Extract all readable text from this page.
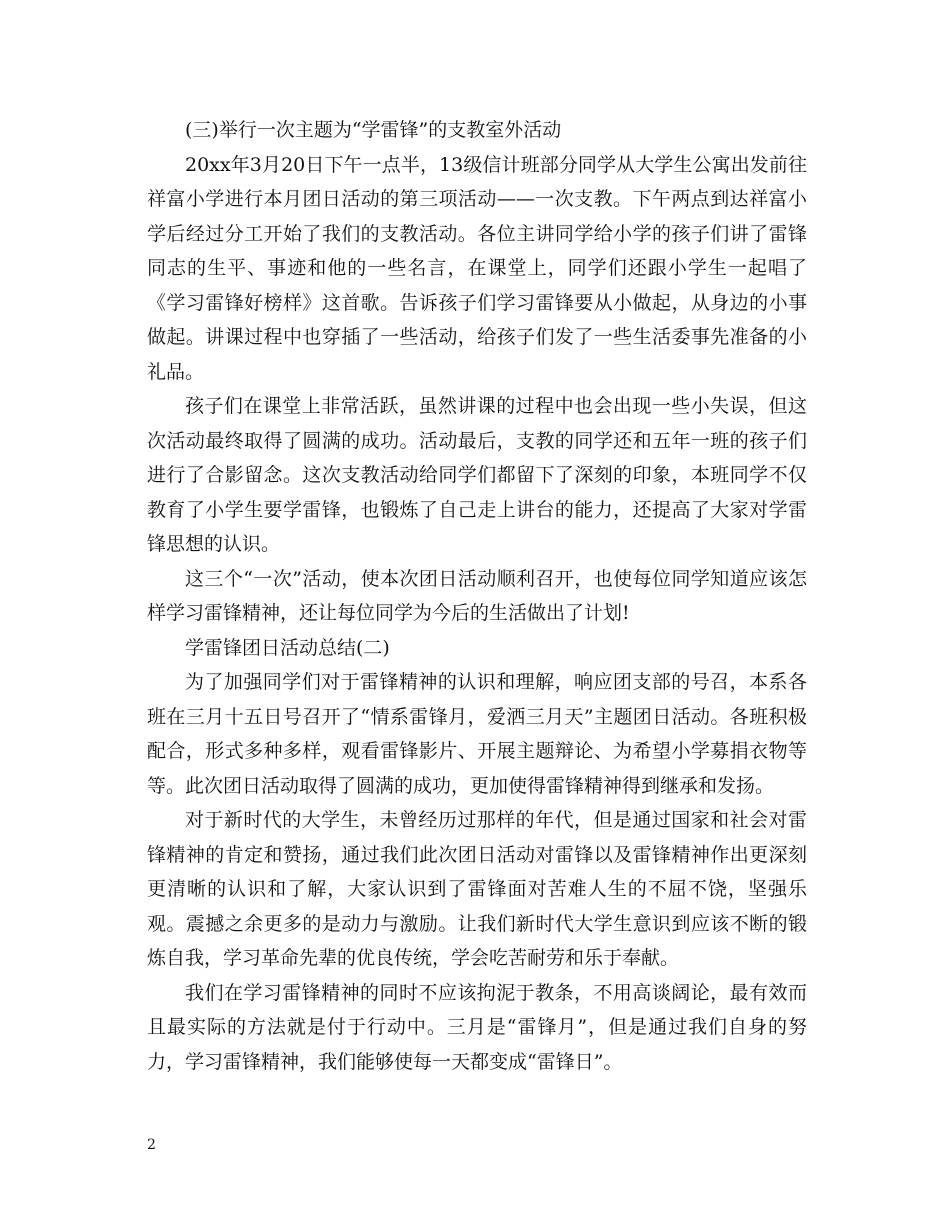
(三)举行一次主题为“学雷锋”的支教室外活动

20xx年3月20日下午一点半，13级信计班部分同学从大学生公寓出发前往祥富小学进行本月团日活动的第三项活动——一次支教。下午两点到达祥富小学后经过分工开始了我们的支教活动。各位主讲同学给小学的孩子们讲了雷锋同志的生平、事迹和他的一些名言，在课堂上，同学们还跟小学生一起唱了《学习雷锋好榜样》这首歌。告诉孩子们学习雷锋要从小做起，从身边的小事做起。讲课过程中也穿插了一些活动，给孩子们发了一些生活委事先准备的小礼品。

孩子们在课堂上非常活跃，虽然讲课的过程中也会出现一些小失误，但这次活动最终取得了圆满的成功。活动最后，支教的同学还和五年一班的孩子们进行了合影留念。这次支教活动给同学们都留下了深刻的印象，本班同学不仅教育了小学生要学雷锋，也锻炼了自己走上讲台的能力，还提高了大家对学雷锋思想的认识。

这三个“一次”活动，使本次团日活动顺利召开，也使每位同学知道应该怎样学习雷锋精神，还让每位同学为今后的生活做出了计划!

学雷锋团日活动总结(二)

为了加强同学们对于雷锋精神的认识和理解，响应团支部的号召，本系各班在三月十五日号召开了“情系雷锋月，爱洒三月天”主题团日活动。各班积极配合，形式多种多样，观看雷锋影片、开展主题辩论、为希望小学募捐衣物等等。此次团日活动取得了圆满的成功，更加使得雷锋精神得到继承和发扬。

对于新时代的大学生，未曾经历过那样的年代，但是通过国家和社会对雷锋精神的肯定和赞扬，通过我们此次团日活动对雷锋以及雷锋精神作出更深刻更清晰的认识和了解，大家认识到了雷锋面对苦难人生的不屈不饶，坚强乐观。震撼之余更多的是动力与激励。让我们新时代大学生意识到应该不断的锻炼自我，学习革命先辈的优良传统，学会吃苦耐劳和乐于奉献。

我们在学习雷锋精神的同时不应该拘泥于教条，不用高谈阔论，最有效而且最实际的方法就是付于行动中。三月是“雷锋月”，但是通过我们自身的努力，学习雷锋精神，我们能够使每一天都变成“雷锋日”。

2
